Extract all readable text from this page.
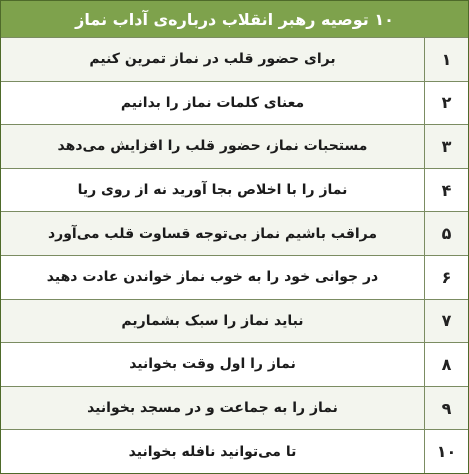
۱۰ توصیه رهبر انقلاب درباره‌ی آداب نماز
۱
برای حضور قلب در نماز تمرین کنیم
۲
معنای کلمات نماز را بدانیم
۳
مستحبات نماز، حضور قلب را افزایش می‌دهد
۴
نماز را با اخلاص بجا آورید نه از روی ریا
۵
مراقب باشیم نماز بی‌توجه قساوت قلب می‌آورد
۶
در جوانی خود را به خوب نماز خواندن عادت دهید
۷
نباید نماز را سبک بشماریم
۸
نماز را اول وقت بخوانید
۹
نماز را به جماعت و در مسجد بخوانید
۱۰
تا می‌توانید نافله بخوانید
